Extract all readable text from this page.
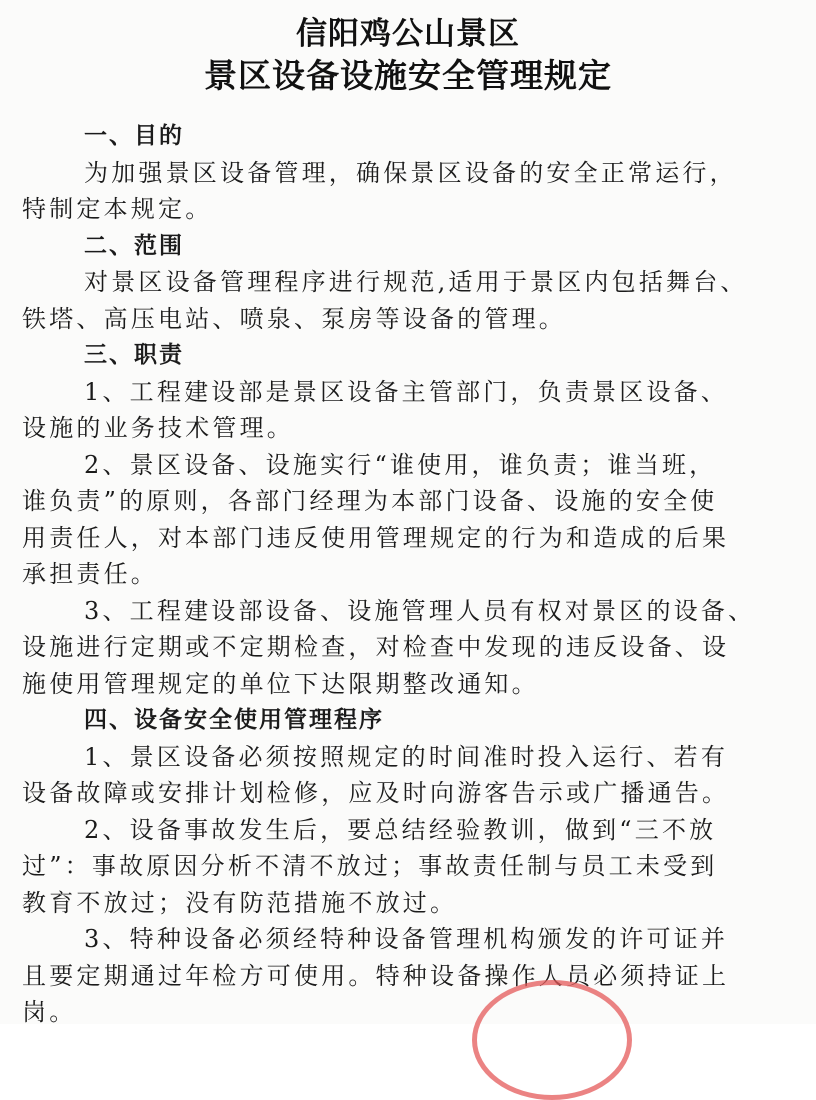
信阳鸡公山景区
景区设备设施安全管理规定
一、目的
为加强景区设备管理，确保景区设备的安全正常运行，
特制定本规定。
二、范围
对景区设备管理程序进行规范,适用于景区内包括舞台、
铁塔、高压电站、喷泉、泵房等设备的管理。
三、职责
1、工程建设部是景区设备主管部门，负责景区设备、
设施的业务技术管理。
2、景区设备、设施实行“谁使用，谁负责；谁当班，
谁负责”的原则，各部门经理为本部门设备、设施的安全使
用责任人，对本部门违反使用管理规定的行为和造成的后果
承担责任。
3、工程建设部设备、设施管理人员有权对景区的设备、
设施进行定期或不定期检查，对检查中发现的违反设备、设
施使用管理规定的单位下达限期整改通知。
四、设备安全使用管理程序
1、景区设备必须按照规定的时间准时投入运行、若有
设备故障或安排计划检修，应及时向游客告示或广播通告。
2、设备事故发生后，要总结经验教训，做到“三不放
过”：事故原因分析不清不放过；事故责任制与员工未受到
教育不放过；没有防范措施不放过。
3、特种设备必须经特种设备管理机构颁发的许可证并
且要定期通过年检方可使用。特种设备操作人员必须持证上
岗。
